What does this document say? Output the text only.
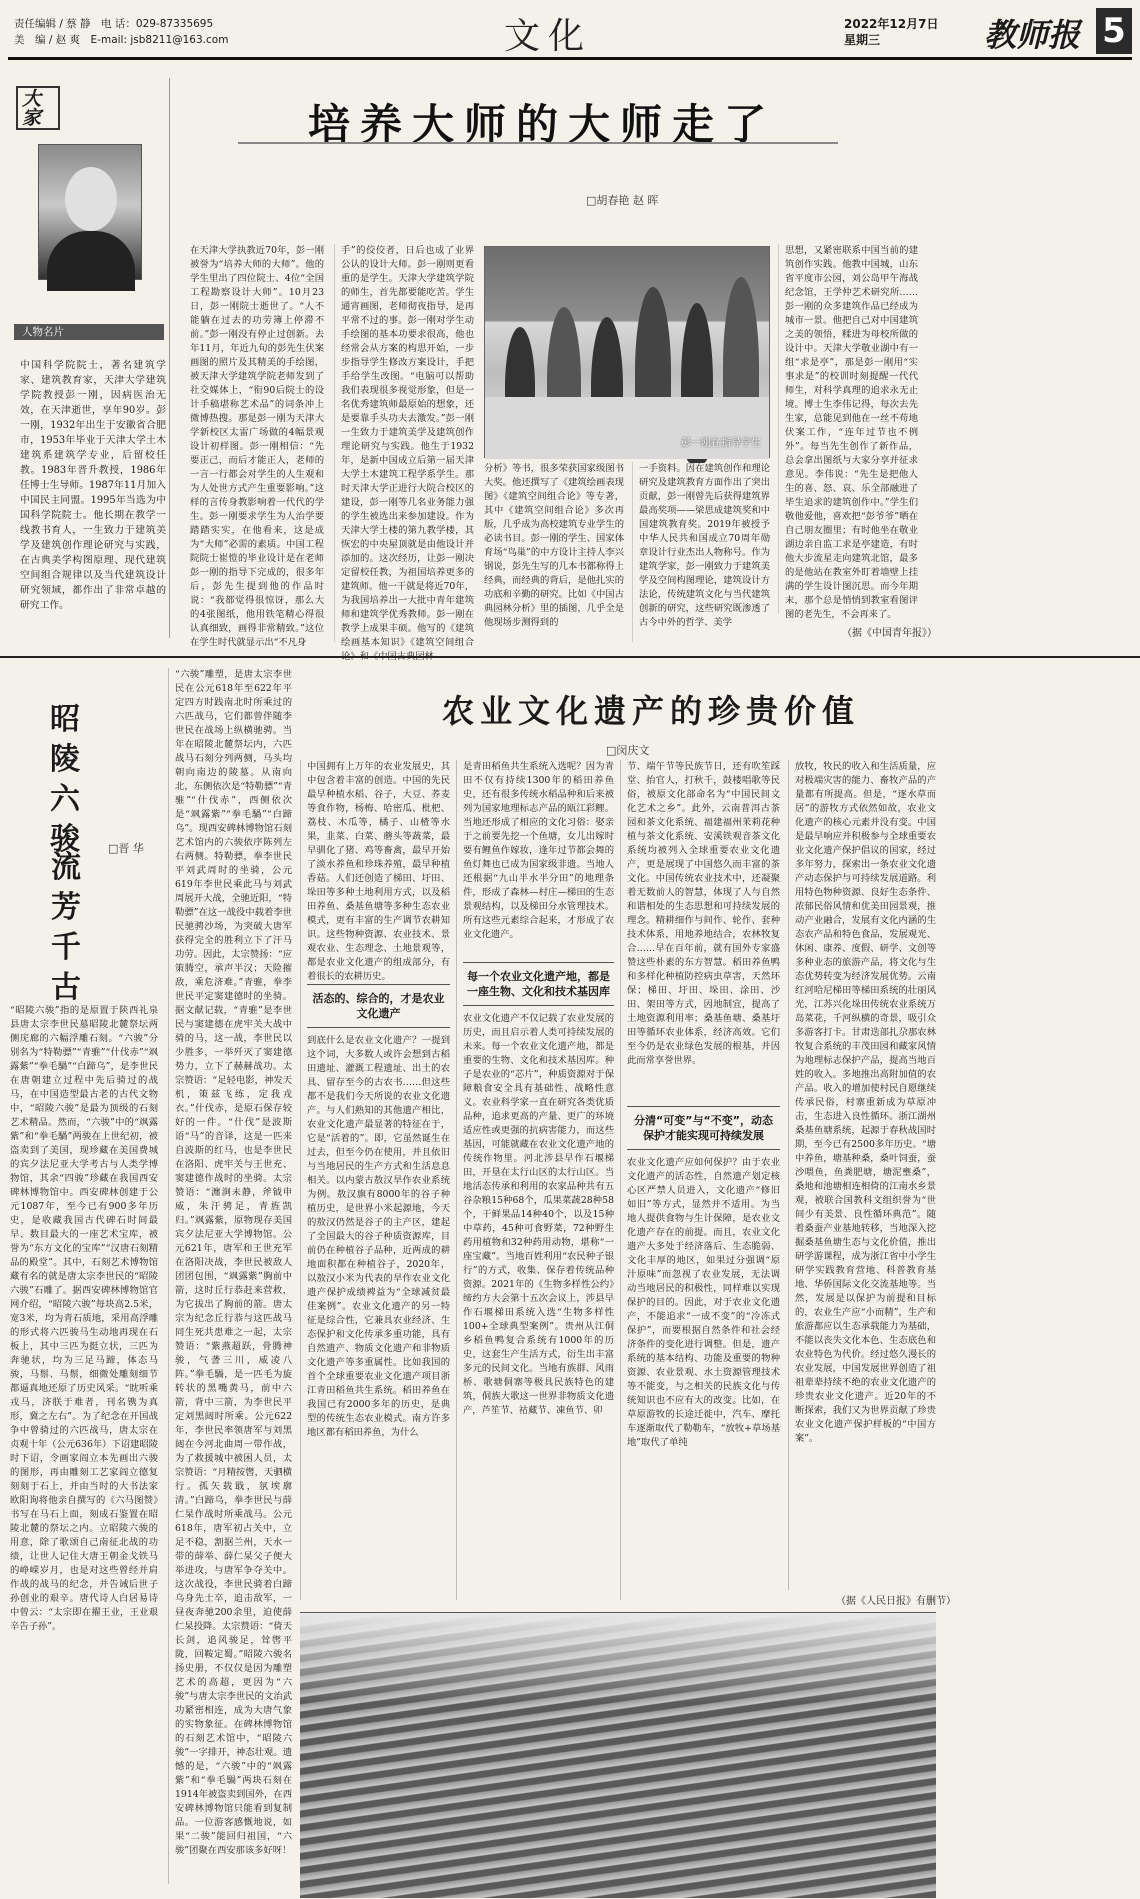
责任编辑 / 蔡 静　电 话：029-87335695
美　编 / 赵 爽　E-mail: jsb8211@163.com	文化	2022年12月7日
星期三	教师报 5
大家
人物名片
中国科学院院士，著名建筑学家、建筑教育家，天津大学建筑学院教授彭一刚，因病医治无效，在天津逝世，享年90岁。彭一刚，1932年出生于安徽省合肥市，1953年毕业于天津大学土木建筑系建筑学专业，后留校任教。1983年晋升教授，1986年任博士生导师。1987年11月加入中国民主同盟。1995年当选为中国科学院院士。他长期在教学一线教书育人，一生致力于建筑美学及建筑创作理论研究与实践，在古典美学构图原理、现代建筑空间组合规律以及当代建筑设计研究领域，都作出了非常卓越的研究工作。
培养大师的大师走了
□胡春艳 赵 晖
在天津大学执教近70年，彭一刚被誉为“培养大师的大师”。他的学生里出了四位院士、4位“全国工程勘察设计大师”。10月23日，彭一刚院士逝世了。“人不能躺在过去的功劳簿上停滞不前。”彭一刚没有停止过创新。去年11月，年近九旬的彭先生伏案画图的照片及其精美的手绘图，被天津大学建筑学院老师发到了社交媒体上，“衔90后院士的设计手稿堪称艺术品”的词条冲上微博热搜。那是彭一刚为天津大学新校区太雷广场做的4幅景观设计初样图。彭一刚相信：“先要正己，而后才能正人，老师的一言一行都会对学生的人生观和为人处世方式产生重要影响。”这样的言传身教影响着一代代的学生。彭一刚要求学生为人治学要踏踏实实，在他看来，这是成为“大师”必需的素质。中国工程院院士崔愷的毕业设计是在老师彭一刚的指导下完成的，很多年后，彭先生提到他的作品时说：“我都觉得很惊讶，那么大的4张图纸，他用铁笔精心得很认真细致，画得非常精致。”这位在学生时代就显示出“不凡身
手”的佼佼者，日后也成了业界公认的设计大师。彭一刚则更看重的是学生。天津大学建筑学院的师生，首先都要能吃苦。学生通宵画图，老师彻夜指导，是再平常不过的事。彭一刚对学生动手绘图的基本功要求很高，他也经常会从方案的构思开始，一步步指导学生修改方案设计，手把手给学生改图。“电脑可以帮助我们表现很多视觉形象，但是一名优秀建筑师最原始的想象，还是要靠手头功夫去激发。”彭一刚一生致力于建筑美学及建筑创作理论研究与实践。他生于1932年，是新中国成立后第一届天津大学土木建筑工程学系学生。那时天津大学正进行大院合校区的建设，彭一刚等几名业务能力强的学生被选出来参加建设。作为天津大学土楼的第九教学楼，其恢宏的中央屋顶就是由他设计并添加的。这次经历，让彭一刚决定留校任教，为祖国培养更多的建筑师。他一干就是将近70年，为我国培养出一大批中青年建筑师和建筑学优秀教师。彭一刚在教学上成果丰硕。他写的《建筑绘画基本知识》《建筑空间组合论》和《中国古典园林
彭一刚在指导学生
分析》等书，很多荣获国家级图书大奖。他还撰写了《建筑绘画表现图》《建筑空间组合论》等专著，其中《建筑空间组合论》多次再版，几乎成为高校建筑专业学生的必读书目。彭一刚的学生、国家体育场“鸟巢”的中方设计主持人李兴钢说，彭先生写的几本书都称得上经典，而经典的背后，是他扎实的功底和辛勤的研究。比如《中国古典园林分析》里的插图，几乎全是他现场步测得到的
一手资料。因在建筑创作和理论研究及建筑教育方面作出了突出贡献，彭一刚曾先后获得建筑界最高奖项——梁思成建筑奖和中国建筑教育奖。2019年被授予中华人民共和国成立70周年勋章设计行业杰出人物称号。作为建筑学家，彭一刚致力于建筑美学及空间构图理论，建筑设计方法论，传统建筑文化与当代建筑创新的研究，这些研究既渗透了古今中外的哲学、美学
思想，又紧密联系中国当前的建筑创作实践。他教中国城，山东省平度市公园，刘公岛甲午海战纪念馆，王学仲艺术研究所……彭一刚的众多建筑作品已经成为城市一景。他把自己对中国建筑之美的领悟，糅进为母校所做的设计中。天津大学敬业湖中有一组“求是亭”，那是彭一刚用“实事求是”的校训时刻提醒一代代师生，对科学真理的追求永无止境。博士生李伟记得，每次去先生家，总能见到他在一丝不苟地伏案工作，“连年过节也不例外”。每当先生创作了新作品，总会拿出图纸与大家分享并征求意见。李伟说：“先生是把他人生的喜、怒、哀、乐全部融进了毕生追求的建筑创作中。”学生们敬他爱他，喜欢把“彭爷爷”晒在自己朋友圈里；有时他坐在敬业湖边亲自监工求是亭建造，有时他大步流星走向建筑北馆，最多的是他站在教室外盯着墙壁上挂满的学生设计图沉思。而今年期末，那个总是悄悄到教室看图评图的老先生，不会再来了。
（据《中国青年报》）
昭陵六骏
流芳千古
□晋 华
“昭陵六骏”指的是原置于陕西礼泉县唐太宗李世民墓昭陵北麓祭坛两侧庑廊的六幅浮雕石刻。“六骏”分别名为“特勒骠”“青骓”“什伐赤”“飒露紫”“拳毛騧”“白蹄乌”，是李世民在唐朝建立过程中先后骑过的战马，在中国造型最古老的古代文物中，“昭陵六骏”是最为顶级的石刻艺术精品。然而，“六骏”中的“飒露紫”和“拳毛騧”两骏在上世纪初，被盗卖到了美国，现珍藏在美国费城的宾夕法尼亚大学考古与人类学博物馆，其余“四骏”珍藏在我国西安碑林博物馆中。西安碑林创建于公元1087年，至今已有900多年历史，是收藏我国古代碑石时间最早、数目最大的一座艺术宝库，被誉为“东方文化的宝库”“汉唐石刻精品的殿堂”。其中，石刻艺术博物馆藏有名的就是唐太宗李世民的“昭陵六骏”石雕了。据西安碑林博物馆官网介绍，“昭陵六骏”每块高2.5米，宽3米，均为青石质地，采用高浮雕的形式将六匹骏马生动地再现在石板上，其中三匹为挺立状，三匹为奔驰状，均为三足马蹄，体态马骏，马鬃、马鬃，细微处雕刻细节都逼真地还原了历史风采。“眈听乘戎马，济朕于难者，刊名镌为真形，冀之左右”。为了纪念在开国战争中曾骑过的六匹战马，唐太宗在贞观十年（公元636年）下诏建昭陵时下诏，令画家阎立本先画出六骏的图形，再由雕刻工艺家阎立德复刻刻于石上，并由当时的大书法家欧阳询将他亲自撰写的《六马图赞》书写在马石上面，刻成石鉴置在昭陵北麓的祭坛之内。立昭陵六骏的用意，除了歌颂自己南征北战的功绩，让世人记住大唐王朝金戈铁马的峥嵘岁月，也是对这些曾经并肩作战的战马的纪念，并告诫后世子孙创业的艰辛。唐代诗人白居易诗中曾云：“太宗即在擢王业，王业艰辛告子孙”。
“六骏”雕塑，是唐太宗李世民在公元618年至622年平定四方时践南北时所乘过的六匹战马，它们都曾伴随李世民在战场上纵横驰骋。当年在昭陵北麓祭坛内，六匹战马石刻分列两侧，马头均朝向南边的陵墓。从南向北，东侧依次是“特勒骠”“青骓”“什伐赤”，西侧依次是“飒露紫”“拳毛騧”“白蹄乌”。现西安碑林博物馆石刻艺术馆内的六骏依序陈列左右两侧。特勒骠，拳李世民平刘武周时的坐骑，公元619年李世民乘此马与刘武周展开大战，全驰近阳，“特勒骠”在这一战役中载着李世民驰骋沙场，为突破大唐军获得完全的胜利立下了汗马功劳。因此，太宗赞扬：“应策腾空，承声半汉；天险摧敌，乘危济难。”青骓，拳李世民平定窦建德时的坐骑。据文献记载，“青骓”是李世民与窦建德在虎牢关大战中骑的马，这一战，李世民以少胜多，一举歼灭了窦建德势力，立下了赫赫战功。太宗赞语：“足轻电影，神发天机，策兹飞练，定我戎衣。”什伐赤，是原石保存较好的一件。“什伐”是波斯语“马”的音译，这是一匹来自波斯的红马，也是李世民在洛阳、虎牢关与王世充、窦建德作战时的坐骑。太宗赞语：“瀍涧未静，斧钺申威，朱汗骋足，青旌凯归。”飒露紫，原物现存美国宾夕法尼亚大学博物馆。公元621年，唐军和王世充军在洛阳决战，李世民被敌人团团包围，“飒露紫”胸前中箭，这时丘行恭赶来营救，为它拔出了胸前的箭。唐太宗为纪念丘行恭与这匹战马同生死共患难之一起，太宗赞语：“紫燕超跃，骨腾神骏，气詟三川，威凌八阵。”拳毛騧，是一匹毛为旋转状的黑嘴黄马，前中六箭，背中三箭，为李世民平定刘黑闼时所乘。公元622年，李世民率领唐军与刘黑闼在今河北曲周一带作战，为了救援城中被困人员，太宗赞语：“月精按辔，天驷横行。孤矢载戢，氛埃廓清。”白蹄乌，拳李世民与薛仁杲作战时所乘战马。公元618年，唐军初占关中，立足不稳，割据兰州，天水一带的薛举、薛仁杲父子便大举进攻，与唐军争夺关中。这次战役，李世民骑着白蹄乌身先士卒，追击敌军，一昼夜奔驰200余里，迫使薛仁杲投降。太宗赞语：“倚天长剑，追风骏足，耸辔平陇，回鞍定蜀。”昭陵六骏名扬史册，不仅仅是因为雕塑艺术的高超，更因为“六骏”与唐太宗李世民的文治武功紧密相连，成为大唐气象的实物象征。在碑林博物馆的石刻艺术馆中，“昭陵六骏”一字排开，神态壮观。遗憾的是，“六骏”中的“飒露紫”和“拳毛騧”两块石刻在1914年被盗卖到国外，在西安碑林博物馆只能看到复制品。一位游客感慨地说，如果“二骏”能回归祖国，“六骏”团聚在西安那该多好呀！
农业文化遗产的珍贵价值
□闵庆文
中国拥有上万年的农业发展史，其中包含着丰富的创造。中国的先民最早种植水稻、谷子，大豆、荞麦等食作物，杨梅、哈密瓜、枇杷、荔枝、木瓜等，橘子、山楂等水果，韭菜、白菜、蘑头等蔬菜，最早驯化了猪、鸡等畜禽，最早开始了淡水养鱼和珍珠养殖，最早种植香菇。人们还创造了梯田、圩田、垛田等多种土地利用方式，以及稻田养鱼、桑基鱼塘等多种生态农业模式，更有丰富的生产调节农耕知识。这些物种资源、农业技术、景观农业、生态理念、土地景观等，都是农业文化遗产的组成部分，有着很长的农耕历史。
活态的、综合的，才是农业文化遗产
到底什么是农业文化遗产？一提到这个词，大多数人或许会想到古稻田遗址、灌溉工程遗址、出土的农具、留存至今的古农书……但这些都不是我们今天所说的农业文化遗产。与人们熟知的其他遗产相比，农业文化遗产最显著的特征在于，它是“活着的”。即，它虽然诞生在过去，但至今仍在使用，并且依旧与当地居民的生产方式和生活息息相关。以内蒙古敖汉旱作农业系统为例。敖汉旗有8000年的谷子种植历史，是世界小米起源地，今天的敖汉仍然是谷子的主产区，建起了全国最大的谷子种质资源库，目前仍在种植谷子品种，近两成的耕地面积都在种植谷子，2020年，以敖汉小米为代表的旱作农业文化遗产保护成绩裨益为“全球减贫最佳案例”。农业文化遗产的另一特征是综合性，它兼具农业经济、生态保护和文化传承多重功能，具有自然遗产、物质文化遗产和非物质文化遗产等多重属性。比如我国的首个全球重要农业文化遗产项目浙江青田稻鱼共生系统。稻田养鱼在我国已有2000多年的历史，是典型的传统生态农业模式。南方许多地区都有稻田养鱼，为什么
是青田稻鱼共生系统入选呢？因为青田不仅有持续1300年的稻田养鱼史，还有很多传统水稻品种和后来被列为国家地理标志产品的瓯江彩鲤。当地还形成了相应的文化习俗：娶亲于之前要先挖一个鱼塘，女儿出嫁时要有鲤鱼作嫁妆，逢年过节都会舞的鱼灯舞也已成为国家级非遗。当地人还根据“九山半水半分田”的地理条件，形成了森林—村庄—梯田的生态景观结构，以及梯田分水管理技术。所有这些元素综合起来，才形成了农业文化遗产。
每一个农业文化遗产地，都是一座生物、文化和技术基因库
农业文化遗产不仅记载了农业发展的历史，而且启示着人类可持续发展的未来。每一个农业文化遗产地，都是重要的生物、文化和技术基因库。种子是农业的“芯片”，种质资源对于保障粮食安全具有基础性、战略性意义。农业科学家一直在研究各类优质品种，追求更高的产量、更广的环境适应性或更强的抗病害能力，而这些基因，可能就藏在农业文化遗产地的传统作物里。河北涉县早作石堰梯田，开垦在太行山区的太行山区。当地活态传承和利用的农家品种共有五谷杂粮15种68个，瓜果菜蔬28种58个，干鲜果品14种40个，以及15种中草药，45种可食野菜，72种野生药用植物和32种药用动物，堪称“一座宝藏”。当地百姓利用“农民种子银行”的方式，收集、保存着传统品种资源。2021年的《生物多样性公约》缔约方大会第十五次会议上，涉县早作石堰梯田系统入选“生物多样性100+全球典型案例”。贵州从江侗乡稻鱼鸭复合系统有1000年的历史，这套生产生活方式，衍生出丰富多元的民间文化。当地有族群、风雨桥、歌塘侗寨等极具民族特色的建筑，侗族大歌这一世界非物质文化遗产，芦笙节、祜藏节、凍鱼节、卯
节、端午节等民族节日，还有吹笙踩堂、抬官人，打秋千，鼓楼唱歌等民俗，被原文化部命名为“中国民间文化艺术之乡”。此外，云南普洱古茶园和茶文化系统、福建福州茉莉花种植与茶文化系统、安溪铁观音茶文化系统均被列入全球重要农业文化遗产，更是展现了中国悠久而丰富的茶文化。中国传统农业技术中，还凝聚着无数前人的智慧，体现了人与自然和谐相处的生态思想和可持续发展的理念。精耕细作与间作、轮作、套种技术体系，用地养地结合，农林牧复合……早在百年前，就有国外专家盛赞这些朴素的东方智慧。稻田养鱼鸭和多样化种植防控病虫草害，天然环保；梯田、圩田、垛田、涂田、沙田、架田等方式，因地制宜，提高了土地资源利用率；桑基鱼塘、桑基圩田等循环农业体系，经济高效。它们至今仍是农业绿色发展的根基，并因此而常享誉世界。
分清“可变”与“不变”，动态保护才能实现可持续发展
农业文化遗产应如何保护？由于农业文化遗产的活态性，自然遗产划定核心区严禁人员进入，文化遗产“修旧如旧”等方式，显然并不适用。为当地人提供食物与生计保障，是农业文化遗产存在的前提。而且，农业文化遗产大多处于经济落后、生态脆弱、文化丰厚的地区，如果过分强调“原汁原味”而忽视了农业发展，无法调动当地居民的积极性，同样难以实现保护的目的。因此，对于农业文化遗产，不能追求“一成不变”的“冷冻式保护”，而要根据自然条件和社会经济条件的变化进行调整。但是，遗产系统的基本结构、功能及重要的物种资源、农业景观、水土资源管理技术等不能变，与之相关的民族文化与传统知识也不应有大的改变。比如，在草原游牧的长途迁徙中，汽车、摩托车逐渐取代了勒勒车，“放牧+草场基地”取代了单纯
放牧，牧民的收入和生活质量，应对极端灾害的能力、畜牧产品的产量都有所提高。但是，“逐水草而居”的游牧方式依然如故，农业文化遗产的核心元素并没有变。中国是最早响应并积极参与全球重要农业文化遗产保护倡议的国家，经过多年努力，探索出一条农业文化遗产动态保护与可持续发展道路。利用特色物种资源、良好生态条件、浓郁民俗风情和优美田园景观，推动产业融合，发展有文化内涵的生态农产品和特色食品，发展观光、休闲、康养、度假、研学、文创等多种业态的旅游产品，将文化与生态优势转变为经济发展优势。云南红河哈尼梯田等梯田系统的壮丽风光，江苏兴化垛田传统农业系统万岛菜花，千河纵横的奇景，吸引众多游客打卡。甘肃迭部扎尕那农林牧复合系统的丰茂田园和藏家风情为地理标志保护产品，提高当地百姓的收入。多地推出高附加值的农产品。收入的增加使村民自愿继续传承民俗，村寨重新成为草原冲击，生态进入良性循环。浙江湖州桑基鱼塘系统，起源于春秋战国时期，至今已有2500多年历史。“塘中养鱼，塘基种桑，桑叶饲蚕，蚕沙喂鱼，鱼粪肥塘，塘泥壅桑”，桑地和池塘相连相倚的江南水乡景观，被联合国教科文组织誉为“世间少有美景、良性循环典范”。随着桑蚕产业基地转移，当地深入挖掘桑基鱼塘生态与文化价值，推出研学游课程，成为浙江省中小学生研学实践教育营地、科普教育基地、华侨国际文化交流基地等。当然，发展是以保护为前提和目标的，农业生产应“小而精”，生产和旅游都应以生态承载能力为基础，不能以丧失文化本色、生态底色和农业特色为代价。经过悠久漫长的农业发展，中国发展世界创造了祖祖辈辈持续不绝的农业文化遗产的珍贵农业文化遗产。近20年的不断探索，我们又为世界贡献了珍贵农业文化遗产保护样板的“中国方案”。
（据《人民日报》有删节）
